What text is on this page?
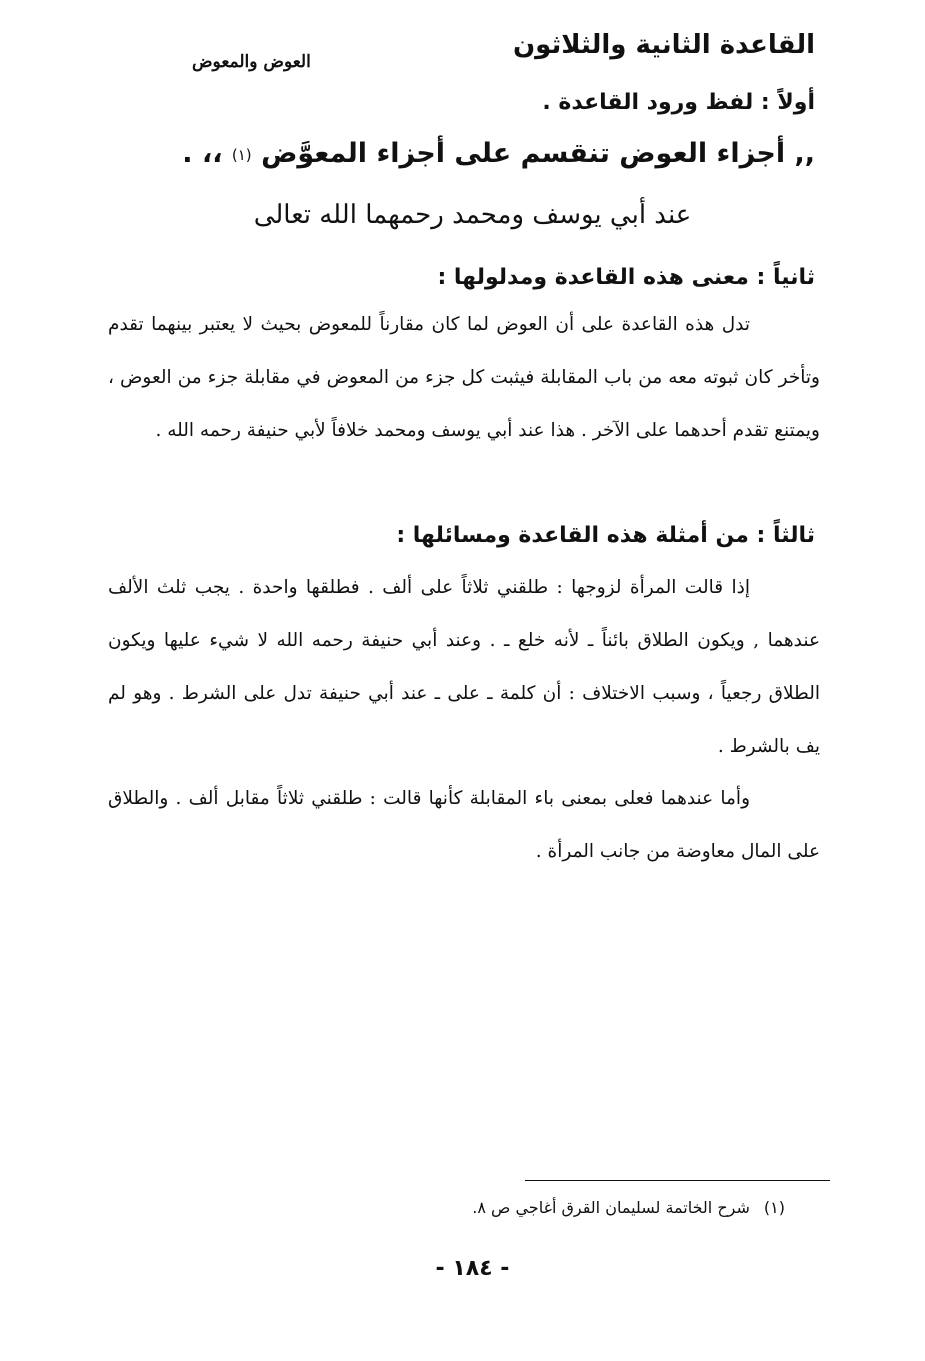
القاعدة الثانية والثلاثون
العوض والمعوض
أولاً : لفظ ورود القاعدة .
,, أجزاء العوض تنقسم على أجزاء المعوَّض (١) ،، .
عند أبي يوسف ومحمد رحمهما الله تعالى
ثانياً : معنى هذه القاعدة ومدلولها :
تدل هذه القاعدة على أن العوض لما كان مقارناً للمعوض بحيث لا يعتبر بينهما تقدم وتأخر كان ثبوته معه من باب المقابلة فيثبت كل جزء من المعوض في مقابلة جزء من العوض ، ويمتنع تقدم أحدهما على الآخر . هذا عند أبي يوسف ومحمد خلافاً لأبي حنيفة رحمه الله .
ثالثاً : من أمثلة هذه القاعدة ومسائلها :
إذا قالت المرأة لزوجها : طلقني ثلاثاً على ألف . فطلقها واحدة . يجب ثلث الألف عندهما , ويكون الطلاق بائناً ـ لأنه خلع ـ . وعند أبي حنيفة رحمه الله لا شيء عليها ويكون الطلاق رجعياً ، وسبب الاختلاف : أن كلمة ـ على ـ عند أبي حنيفة تدل على الشرط . وهو لم يف بالشرط .
وأما عندهما فعلى بمعنى باء المقابلة كأنها قالت : طلقني ثلاثاً مقابل ألف . والطلاق على المال معاوضة من جانب المرأة .
(١)شرح الخاتمة لسليمان القرق أغاجي ص ٨.
- ١٨٤ -
